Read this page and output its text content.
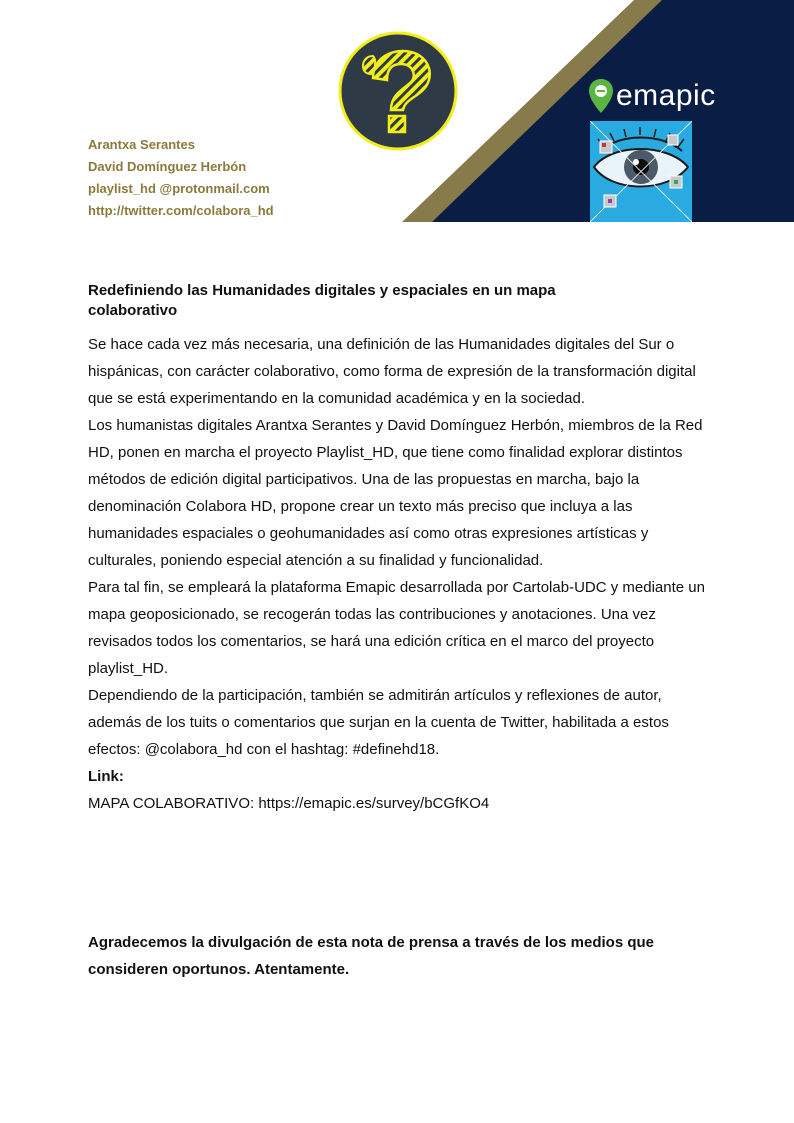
emapic
Arantxa Serantes
David Domínguez Herbón
playlist_hd @protonmail.com
http://twitter.com/colabora_hd
Redefiniendo las Humanidades digitales y espaciales en un mapa colaborativo

Se hace cada vez más necesaria, una definición de las Humanidades digitales del Sur o hispánicas, con carácter colaborativo, como forma de expresión de la transformación digital que se está experimentando en la comunidad académica y en la sociedad.

Los humanistas digitales Arantxa Serantes y David Domínguez Herbón, miembros de la Red HD, ponen en marcha el proyecto Playlist_HD, que tiene como finalidad explorar distintos métodos de edición digital participativos. Una de las propuestas en marcha, bajo la denominación Colabora HD, propone crear un texto más preciso que incluya a las humanidades espaciales o geohumanidades así como otras expresiones artísticas y culturales, poniendo especial atención a su finalidad y funcionalidad.

Para tal fin, se empleará la plataforma Emapic desarrollada por Cartolab-UDC y mediante un mapa geoposicionado, se recogerán todas las contribuciones y anotaciones. Una vez revisados todos los comentarios, se hará una edición crítica en el marco del proyecto playlist_HD.

Dependiendo de la participación, también se admitirán artículos y reflexiones de autor, además de los tuits o comentarios que surjan en la cuenta de Twitter, habilitada a estos efectos: @colabora_hd con el hashtag: #definehd18.

Link:

MAPA COLABORATIVO: https://emapic.es/survey/bCGfKO4

Agradecemos la divulgación de esta nota de prensa a través de los medios que consideren oportunos. Atentamente.
